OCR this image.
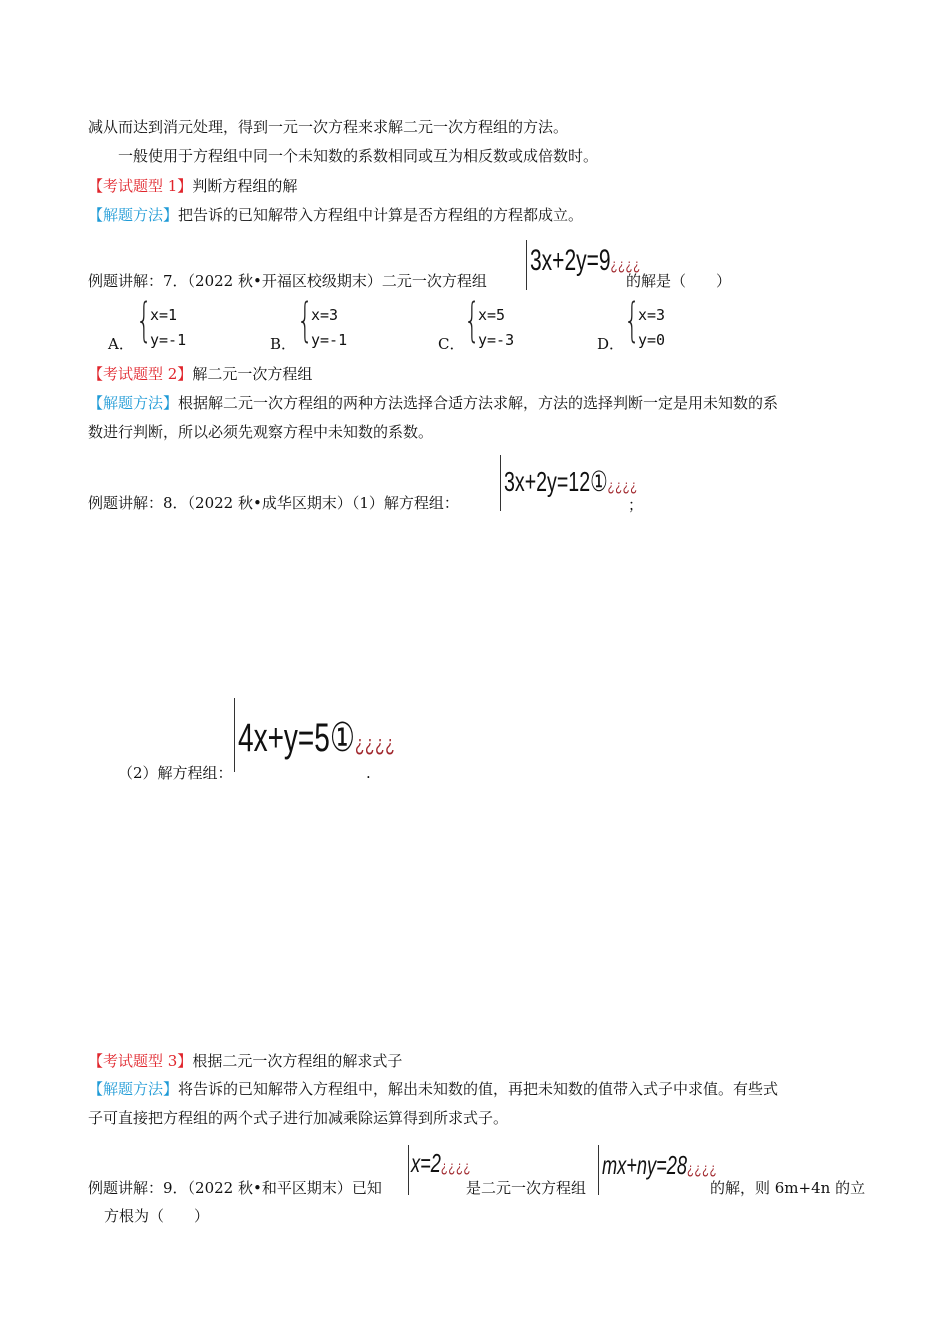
减从而达到消元处理，得到一元一次方程来求解二元一次方程组的方法。
一般使用于方程组中同一个未知数的系数相同或互为相反数或成倍数时。
【考试题型 1】判断方程组的解
【解题方法】把告诉的已知解带入方程组中计算是否方程组的方程都成立。
例题讲解：7．（2022 秋•开福区校级期末）二元一次方程组
3x+2y=9¿¿¿¿
的解是（　　）
A． {
x=1
y=-1	B． {
x=3
y=-1	C． {
x=5
y=-3	D． {
x=3
y=0
【考试题型 2】解二元一次方程组
【解题方法】根据解二元一次方程组的两种方法选择合适方法求解，方法的选择判断一定是用未知数的系
数进行判断，所以必须先观察方程中未知数的系数。
例题讲解：8．（2022 秋•成华区期末）（1）解方程组：
3x+2y=12①¿¿¿¿
；
（2）解方程组：
4x+y=5①¿¿¿¿
.
【考试题型 3】根据二元一次方程组的解求式子
【解题方法】将告诉的已知解带入方程组中，解出未知数的值，再把未知数的值带入式子中求值。有些式
子可直接把方程组的两个式子进行加减乘除运算得到所求式子。
例题讲解：9．（2022 秋•和平区期末）已知
x=2¿¿¿¿
是二元一次方程组
mx+ny=28¿¿¿¿
的解，则 6m+4n 的立
方根为（　　）
